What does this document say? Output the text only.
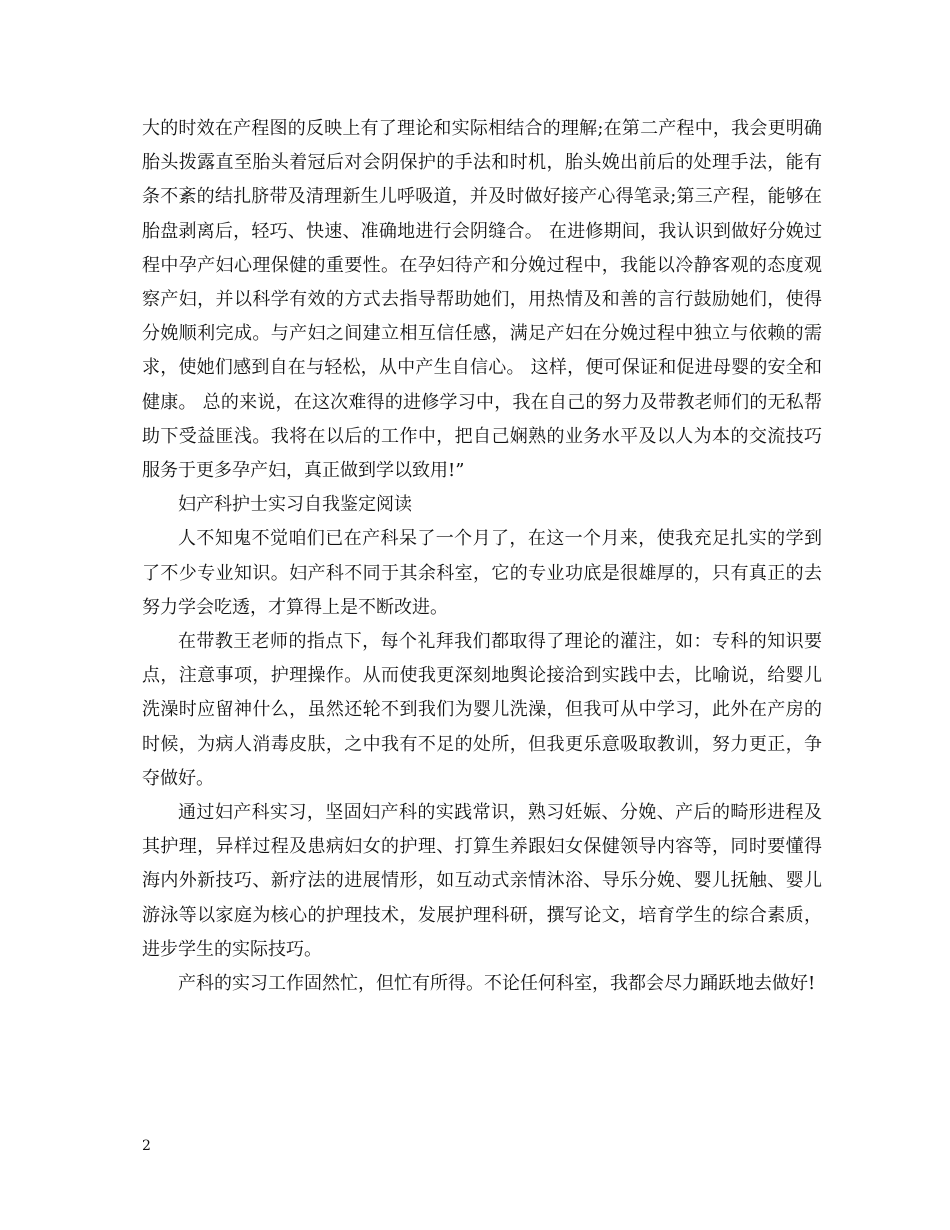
大的时效在产程图的反映上有了理论和实际相结合的理解;在第二产程中，我会更明确胎头拨露直至胎头着冠后对会阴保护的手法和时机，胎头娩出前后的处理手法，能有条不紊的结扎脐带及清理新生儿呼吸道，并及时做好接产心得笔录;第三产程，能够在胎盘剥离后，轻巧、快速、准确地进行会阴缝合。 在进修期间，我认识到做好分娩过程中孕产妇心理保健的重要性。在孕妇待产和分娩过程中，我能以冷静客观的态度观察产妇，并以科学有效的方式去指导帮助她们，用热情及和善的言行鼓励她们，使得分娩顺利完成。与产妇之间建立相互信任感，满足产妇在分娩过程中独立与依赖的需求，使她们感到自在与轻松，从中产生自信心。 这样，便可保证和促进母婴的安全和健康。 总的来说，在这次难得的进修学习中，我在自己的努力及带教老师们的无私帮助下受益匪浅。我将在以后的工作中，把自己娴熟的业务水平及以人为本的交流技巧服务于更多孕产妇，真正做到学以致用!”

妇产科护士实习自我鉴定阅读

人不知鬼不觉咱们已在产科呆了一个月了，在这一个月来，使我充足扎实的学到了不少专业知识。妇产科不同于其余科室，它的专业功底是很雄厚的，只有真正的去努力学会吃透，才算得上是不断改进。

在带教王老师的指点下，每个礼拜我们都取得了理论的灌注，如：专科的知识要点，注意事项，护理操作。从而使我更深刻地舆论接洽到实践中去，比喻说，给婴儿洗澡时应留神什么，虽然还轮不到我们为婴儿洗澡，但我可从中学习，此外在产房的时候，为病人消毒皮肤，之中我有不足的处所，但我更乐意吸取教训，努力更正，争夺做好。

通过妇产科实习，坚固妇产科的实践常识，熟习妊娠、分娩、产后的畸形进程及其护理，异样过程及患病妇女的护理、打算生养跟妇女保健领导内容等，同时要懂得海内外新技巧、新疗法的进展情形，如互动式亲情沐浴、导乐分娩、婴儿抚触、婴儿游泳等以家庭为核心的护理技术，发展护理科研，撰写论文，培育学生的综合素质，进步学生的实际技巧。

产科的实习工作固然忙，但忙有所得。不论任何科室，我都会尽力踊跃地去做好!

2
